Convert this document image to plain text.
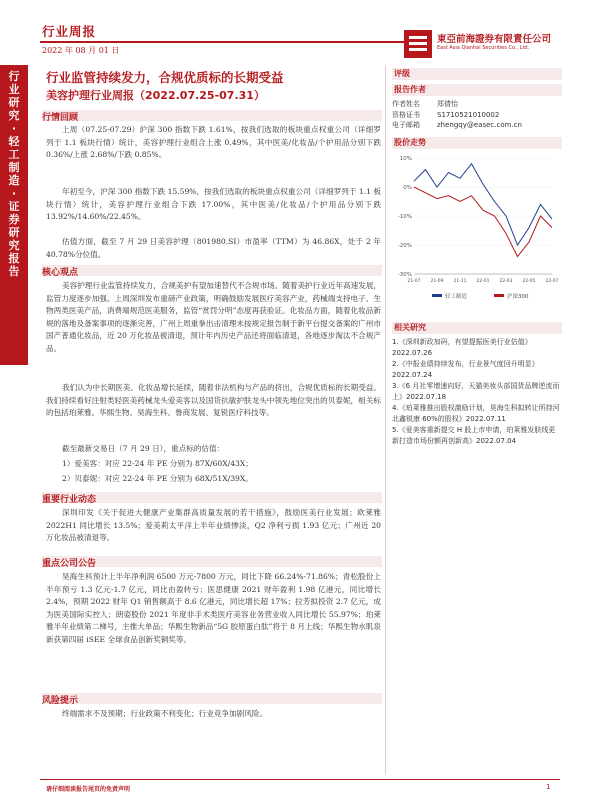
行业周报
2022 年 08 月 01 日
東亞前海證券有限責任公司
East Asia Qianhai Securities Co., Ltd.
行
业
研
究
·
轻
工
制
造
·
证
券
研
究
报
告
行业监管持续发力，合规优质标的长期受益
美容护理行业周报（2022.07.25-07.31）
行情回顾
上周（07.25-07.29）沪深 300 指数下跌 1.61%，按我们选取的板块重点权重公司（详细罗列于 1.1 板块行情）统计，美容护理行业组合上涨 0.49%，其中医美/化妆品/个护用品分别下跌 0.36%/上涨 2.68%/下跌 0.85%。
年初至今，沪深 300 指数下跌 15.59%，按我们选取的板块重点权重公司（详细罗列于 1.1 板块行情）统计，美容护理行业组合下跌 17.00%，其中医美/化妆品/个护用品分别下跌 13.92%/14.60%/22.45%。
估值方面，截至 7 月 29 日美容护理（801980.SI）市盈率（TTM）为 46.86X，处于 2 年 40.78%分位值。
核心观点
美容护理行业监管持续发力，合规美护有望加速替代不合规市场。随着美护行业近年高速发展，监管力度逐步加强。上周深圳发布重磅产业政策，明确鼓励发展医疗美容产业，药械端支持电子、生物两类医美产品，消费端规范医美服务，监管“赏罚分明”态度再获验证。化妆品方面，随着化妆品新规的落地及备案事项的逐渐完善，广州上周重拳出击清理未按规定报告制于新平台提交备案的广州市国产普通化妆品，近 20 万化妆品被清退，预计年内历史产品还将面临清退，各地逐步淘汰不合规产品。
我们认为中长期医美、化妆品增长延续，随着非法机构与产品的挤出，合规优质标的长期受益。我们持续看好注射类轻医美药械龙头爱美客以及国货抗敏护肤龙头中领先地位突出的贝泰妮，相关标的包括珀莱雅、华熙生物、昊海生科、鲁商发展、复锐医疗科技等。
截至最新交易日（7 月 29 日），重点标的估值：
1）爱美客：对应 22-24 年 PE 分别为 87X/60X/43X；
2）贝泰妮：对应 22-24 年 PE 分别为 68X/51X/39X。
重要行业动态
深圳印发《关于促进大健康产业集群高质量发展的若干措施》，鼓励医美行业发展；欧莱雅 2022H1 同比增长 13.5%；爱美莉太平洋上半年业绩惨淡，Q2 净利亏损 1.93 亿元；广州近 20 万化妆品被清退等。
重点公司公告
昊海生科预计上半年净利润 6500 万元-7800 万元，同比下降 66.24%-71.86%；青松股份上半年预亏 1.3 亿元-1.7 亿元，同比由盈转亏；医思健康 2021 财年盈利 1.98 亿港元，同比增长 2.4%，预期 2022 财年 Q1 销售额高于 8.6 亿港元，同比增长超 17%；拉芳拟投资 2.7 亿元，成为医美国际实控人；朗姿股份 2021 年度非手术类医疗美容业务营业收入同比增长 55.97%；珀莱雅半年业绩第二梯号，主推大单品；华熙生物新品“5G 胶原蛋白肽”将于 8 月上线；华熙生物水肌泉新获第四届 iSEE 全球食品创新奖铜奖等。
风险提示
终端需求不及预期；行业政策不利变化；行业竞争加剧风险。
评级
报告作者
作者姓名	郑倩怡
资格证书	S1710521010002
电子邮箱	zhengqy@easec.com.cn
股价走势
10%
0%
-10%
-20%
-30%
21-07 21-09 21-11 22-01 22-03 22-05 22-07
轻工制造	沪深300
相关研究
1.《深圳新政加码，有望提振医美行业估值》2022.07.26
2.《中报业绩持续发布，行业景气度回升明显》2022.07.24
3.《6 月社零增速向好，天猫美妆头部国货品牌逆流而上》2022.07.18
4.《珀莱雅推出股权激励计划，昊海生科拟转让所持河北鑫锐康 60%的股权》2022.07.11
5.《爱美客重新提交 H 股上市申请，珀莱雅发肤线更新打造市场份额再创新高》2022.07.04
请仔细阅读报告尾页的免责声明	1
